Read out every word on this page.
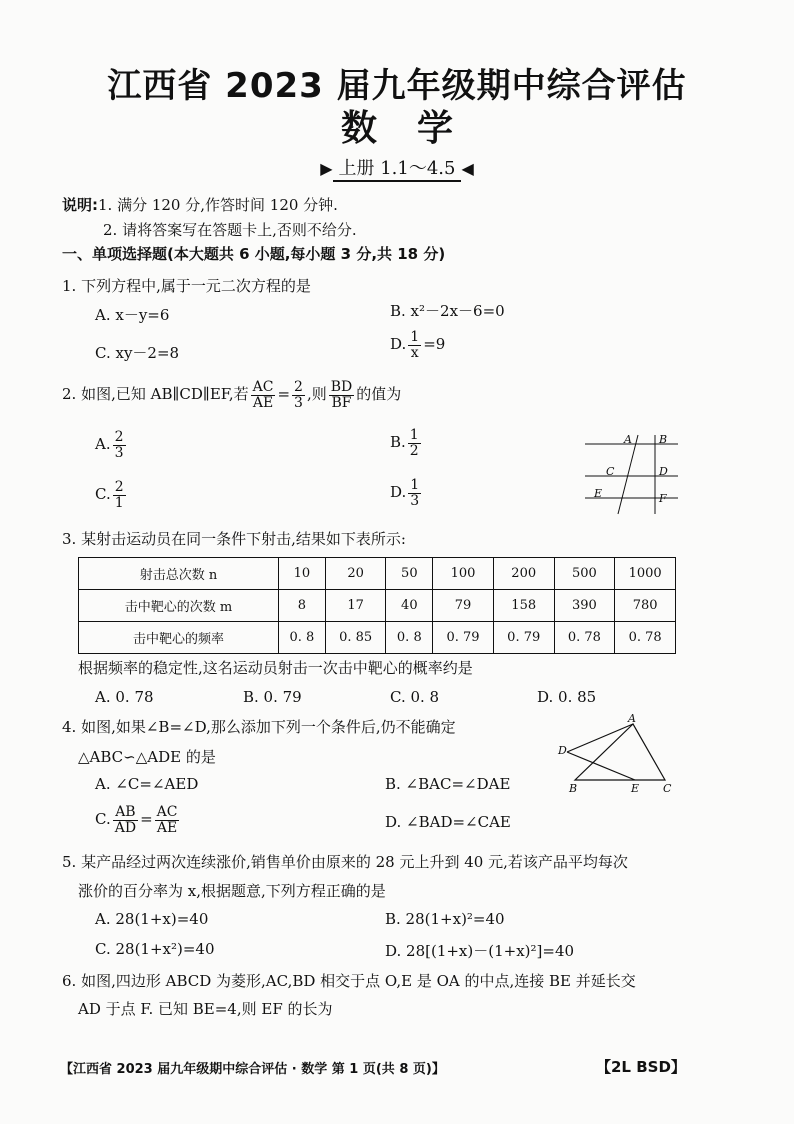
江西省 2023 届九年级期中综合评估
数学
▶ 上册 1.1～4.5 ◀
说明:1. 满分 120 分,作答时间 120 分钟.
2. 请将答案写在答题卡上,否则不给分.
一、单项选择题(本大题共 6 小题,每小题 3 分,共 18 分)
1. 下列方程中,属于一元二次方程的是
A. x－y=6	B. x²－2x－6=0
C. xy－2=8	D. $\frac{1}{x} =9$
2. 如图,已知 AB∥CD∥EF,若 $\frac{AC}{AE} = \frac{2}{3}$ ,则 $\frac{BD}{BF}$ 的值为
A. $\frac{2}{3}$	B. $\frac{1}{2}$
C. $\frac{2}{1}$	D. $\frac{1}{3}$
A B
C	D
E	F
3. 某射击运动员在同一条件下射击,结果如下表所示:
射击总次数 n	10	20	50	100	200	500	1000
击中靶心的次数 m	8	17	40	79	158	390	780
击中靶心的频率	0. 8	0. 85	0. 8	0. 79	0. 79	0. 78	0. 78
根据频率的稳定性,这名运动员射击一次击中靶心的概率约是
A. 0. 78	B. 0. 79	C. 0. 8	D. 0. 85
4. 如图,如果∠B=∠D,那么添加下列一个条件后,仍不能确定
△ABC∽△ADE 的是
A. ∠C=∠AED	B. ∠BAC=∠DAE
C. $\frac{AB}{AD} = \frac{AC}{AE}$	D. ∠BAD=∠CAE
A
D
B	E C
5. 某产品经过两次连续涨价,销售单价由原来的 28 元上升到 40 元,若该产品平均每次
涨价的百分率为 x,根据题意,下列方程正确的是
A. 28(1+x)=40	B. 28(1+x)²=40
C. 28(1+x²)=40	D. 28[(1+x)－(1+x)²]=40
6. 如图,四边形 ABCD 为菱形,AC,BD 相交于点 O,E 是 OA 的中点,连接 BE 并延长交
AD 于点 F. 已知 BE=4,则 EF 的长为
【江西省 2023 届九年级期中综合评估 · 数学 第 1 页(共 8 页)】	【2L BSD】
